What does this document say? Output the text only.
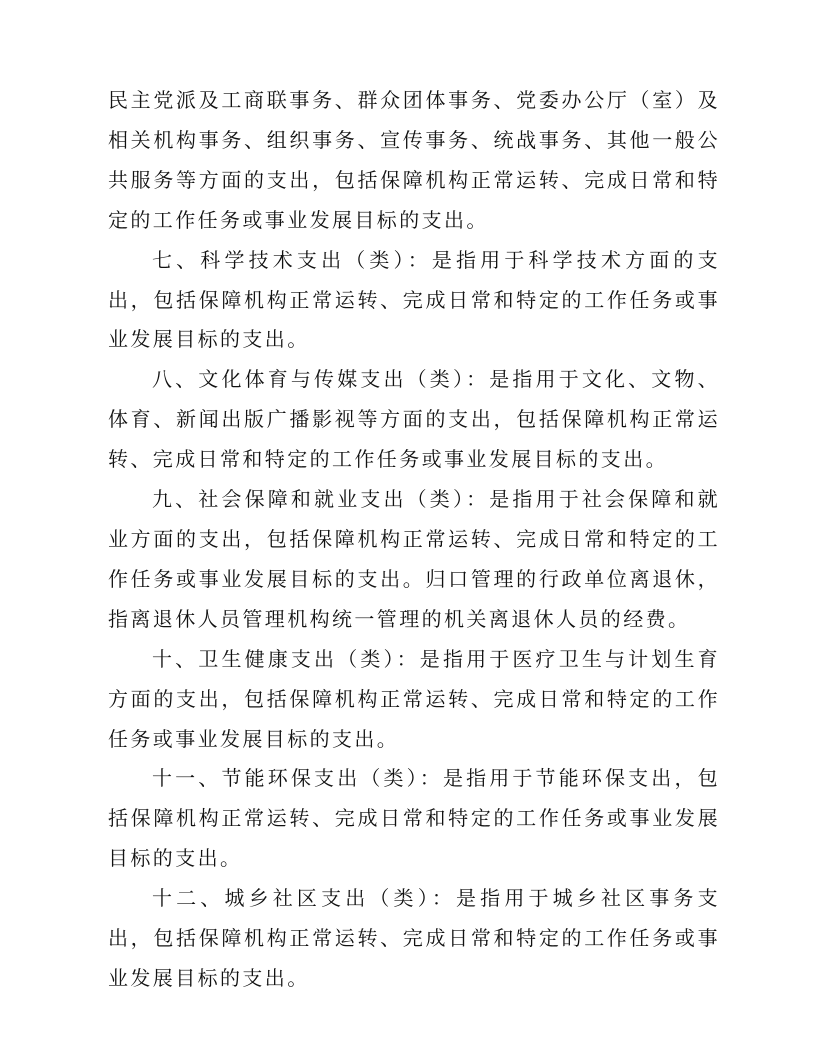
民主党派及工商联事务、群众团体事务、党委办公厅（室）及相关机构事务、组织事务、宣传事务、统战事务、其他一般公共服务等方面的支出，包括保障机构正常运转、完成日常和特定的工作任务或事业发展目标的支出。

七、科学技术支出（类）：是指用于科学技术方面的支出，包括保障机构正常运转、完成日常和特定的工作任务或事业发展目标的支出。

八、文化体育与传媒支出（类）：是指用于文化、文物、体育、新闻出版广播影视等方面的支出，包括保障机构正常运转、完成日常和特定的工作任务或事业发展目标的支出。

九、社会保障和就业支出（类）：是指用于社会保障和就业方面的支出，包括保障机构正常运转、完成日常和特定的工作任务或事业发展目标的支出。归口管理的行政单位离退休，指离退休人员管理机构统一管理的机关离退休人员的经费。

十、卫生健康支出（类）：是指用于医疗卫生与计划生育方面的支出，包括保障机构正常运转、完成日常和特定的工作任务或事业发展目标的支出。

十一、节能环保支出（类）：是指用于节能环保支出，包括保障机构正常运转、完成日常和特定的工作任务或事业发展目标的支出。

十二、城乡社区支出（类）：是指用于城乡社区事务支出，包括保障机构正常运转、完成日常和特定的工作任务或事业发展目标的支出。
